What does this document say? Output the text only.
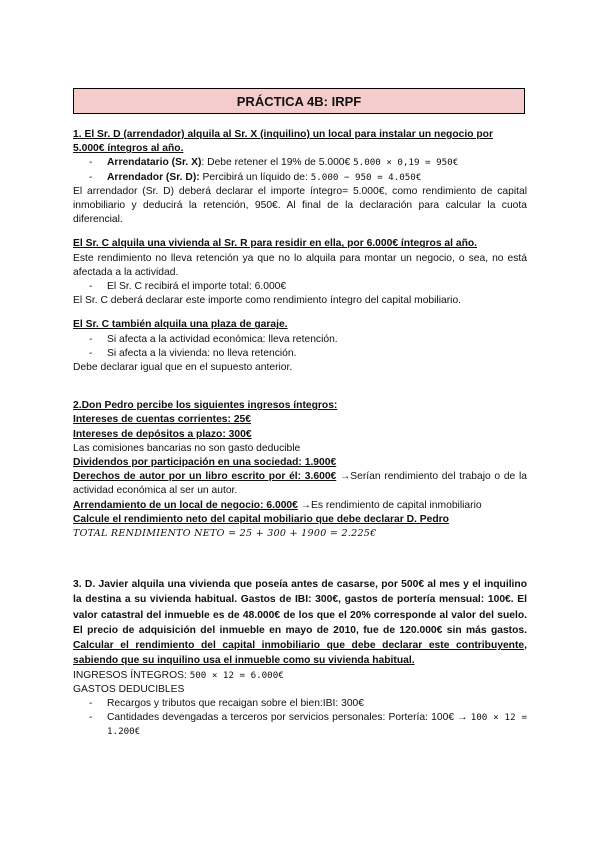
PRÁCTICA 4B: IRPF

1. El Sr. D (arrendador) alquila al Sr. X (inquilino) un local para instalar un negocio por 5.000€ íntegros al año.

- Arrendatario (Sr. X): Debe retener el 19% de 5.000€ 5.000 × 0,19 = 950€
- Arrendador (Sr. D): Percibirá un líquido de: 5.000 − 950 = 4.050€

El arrendador (Sr. D) deberá declarar el importe íntegro= 5.000€, como rendimiento de capital inmobiliario y deducirá la retención, 950€. Al final de la declaración para calcular la cuota diferencial.

El Sr. C alquila una vivienda al Sr. R para residir en ella, por 6.000€ íntegros al año.

Este rendimiento no lleva retención ya que no lo alquila para montar un negocio, o sea, no está afectada a la actividad.

- El Sr. C recibirá el importe total: 6.000€

El Sr. C deberá declarar este importe como rendimiento íntegro del capital mobiliario.

El Sr. C también alquila una plaza de garaje.

- Si afecta a la actividad económica: lleva retención.
- Si afecta a la vivienda: no lleva retención.

Debe declarar igual que en el supuesto anterior.

2.Don Pedro percibe los siguientes ingresos íntegros:

Intereses de cuentas corrientes: 25€

Intereses de depósitos a plazo: 300€

Las comisiones bancarias no son gasto deducible

Dividendos por participación en una sociedad: 1.900€

Derechos de autor por un libro escrito por él: 3.600€ →Serían rendimiento del trabajo o de la actividad económica al ser un autor.

Arrendamiento de un local de negocio: 6.000€ →Es rendimiento de capital inmobiliario

Calcule el rendimiento neto del capital mobiliario que debe declarar D. Pedro

TOTAL RENDIMIENTO NETO = 25 + 300 + 1900 = 2.225€

3. D. Javier alquila una vivienda que poseía antes de casarse, por 500€ al mes y el inquilino la destina a su vivienda habitual. Gastos de IBI: 300€, gastos de portería mensual: 100€. El valor catastral del inmueble es de 48.000€ de los que el 20% corresponde al valor del suelo. El precio de adquisición del inmueble en mayo de 2010, fue de 120.000€ sin más gastos. Calcular el rendimiento del capital inmobiliario que debe declarar este contribuyente, sabiendo que su inquilino usa el inmueble como su vivienda habitual.

INGRESOS ÍNTEGROS: 500 × 12 = 6.000€

GASTOS DEDUCIBLES

- Recargos y tributos que recaigan sobre el bien:IBI: 300€
- Cantidades devengadas a terceros por servicios personales: Portería: 100€ → 100 × 12 = 1.200€
